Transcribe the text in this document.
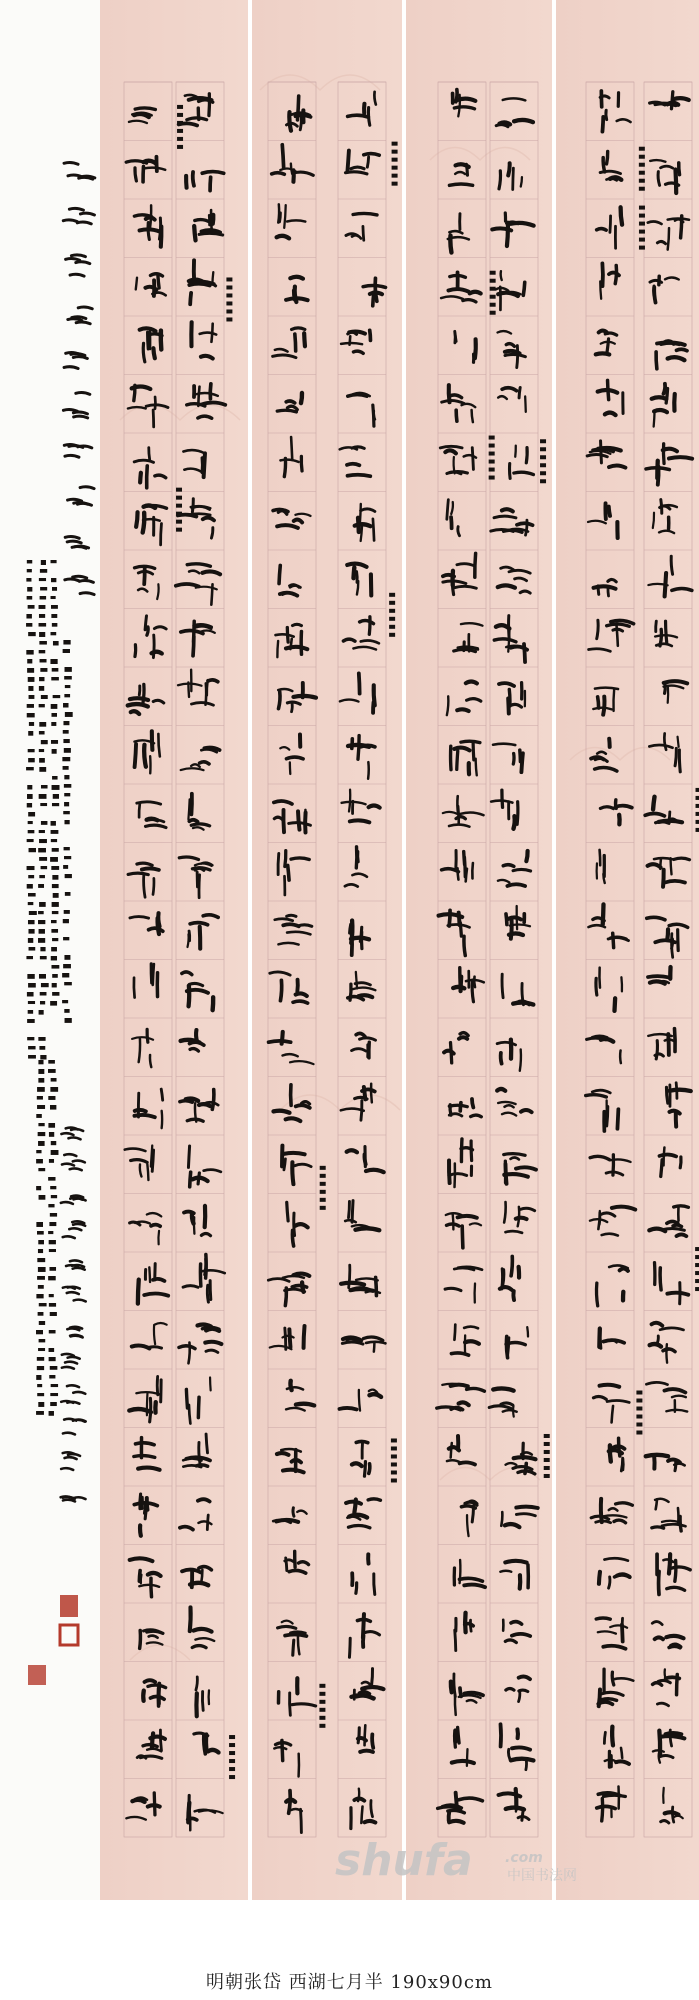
shufa .com
中国书法网
明朝张岱 西湖七月半 190x90cm
